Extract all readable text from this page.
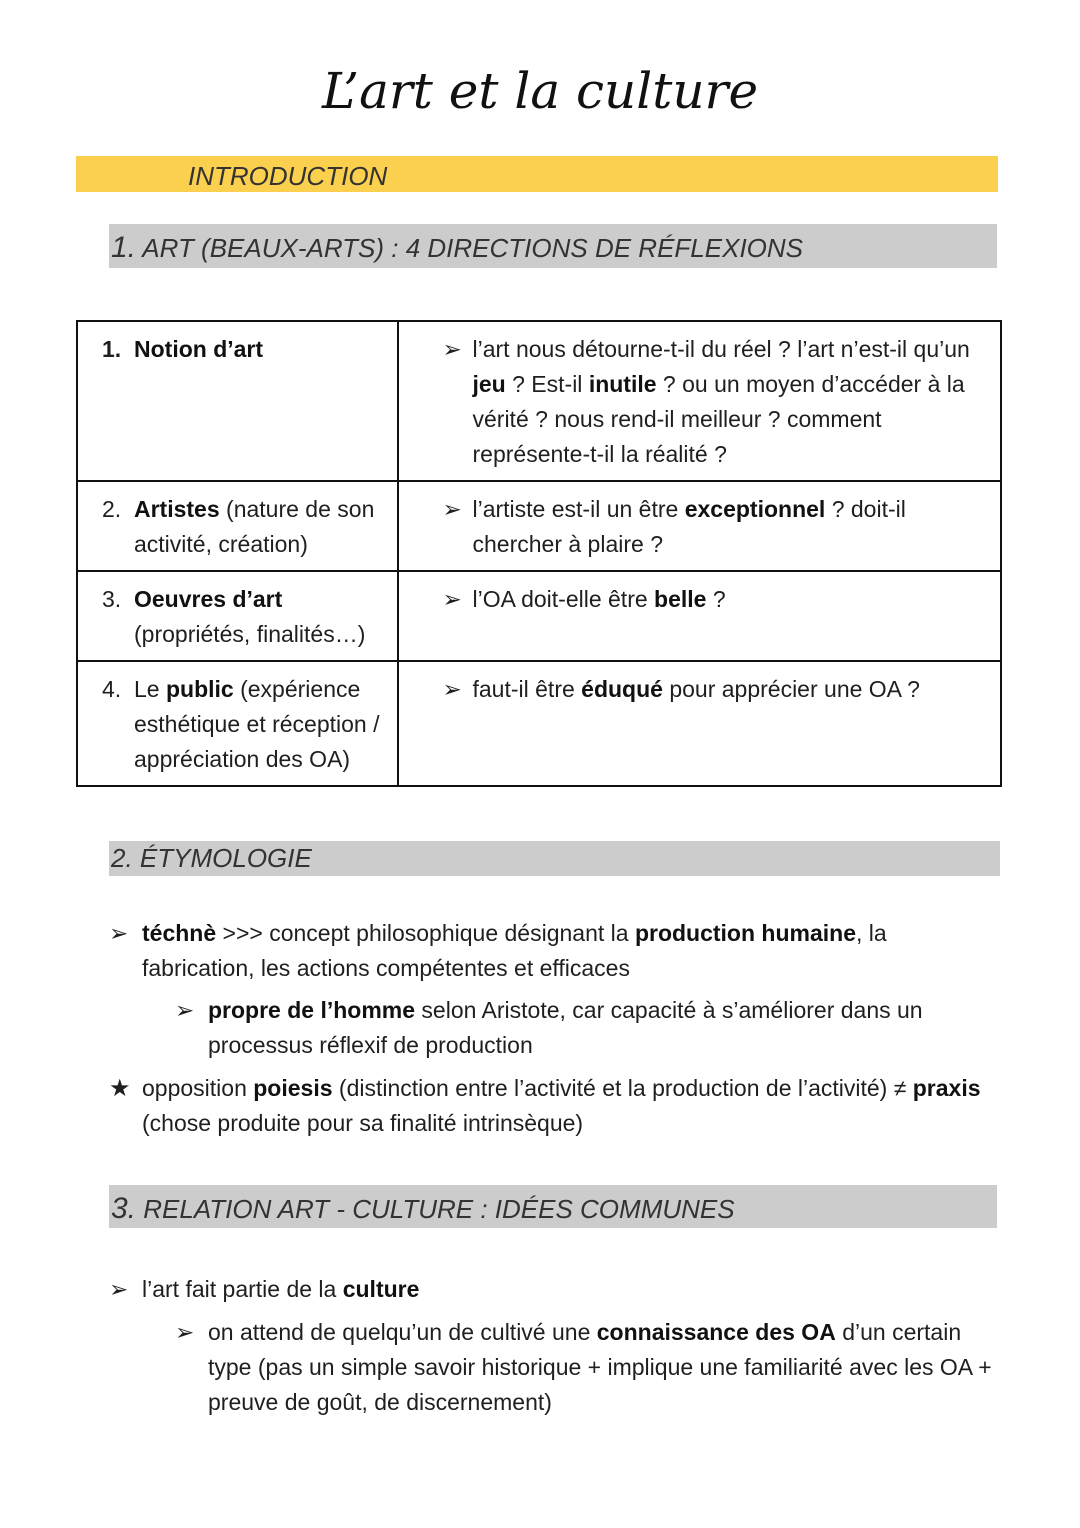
L’art et la culture
INTRODUCTION
1. ART (BEAUX-ARTS) : 4 DIRECTIONS DE RÉFLEXIONS
1. Notion d’art	➢ l’art nous détourne-t-il du réel ? l’art n’est-il qu’un jeu ? Est-il inutile ? ou un moyen d’accéder à la vérité ? nous rend-il meilleur ? comment représente-t-il la réalité ?

2. Artistes (nature de son activité, création)	➢ l’artiste est-il un être exceptionnel ? doit-il chercher à plaire ?

3. Oeuvres d’art (propriétés, finalités…)	➢ l’OA doit-elle être belle ?

4. Le public (expérience esthétique et réception / appréciation des OA)	➢ faut-il être éduqué pour apprécier une OA ?
2. ÉTYMOLOGIE
➢ téchnè >>> concept philosophique désignant la production humaine, la fabrication, les actions compétentes et efficaces
➢ propre de l’homme selon Aristote, car capacité à s’améliorer dans un processus réflexif de production
★ opposition poiesis (distinction entre l’activité et la production de l’activité) ≠ praxis (chose produite pour sa finalité intrinsèque)
3. RELATION ART - CULTURE : IDÉES COMMUNES
➢ l’art fait partie de la culture
➢ on attend de quelqu’un de cultivé une connaissance des OA d’un certain type (pas un simple savoir historique + implique une familiarité avec les OA + preuve de goût, de discernement)
